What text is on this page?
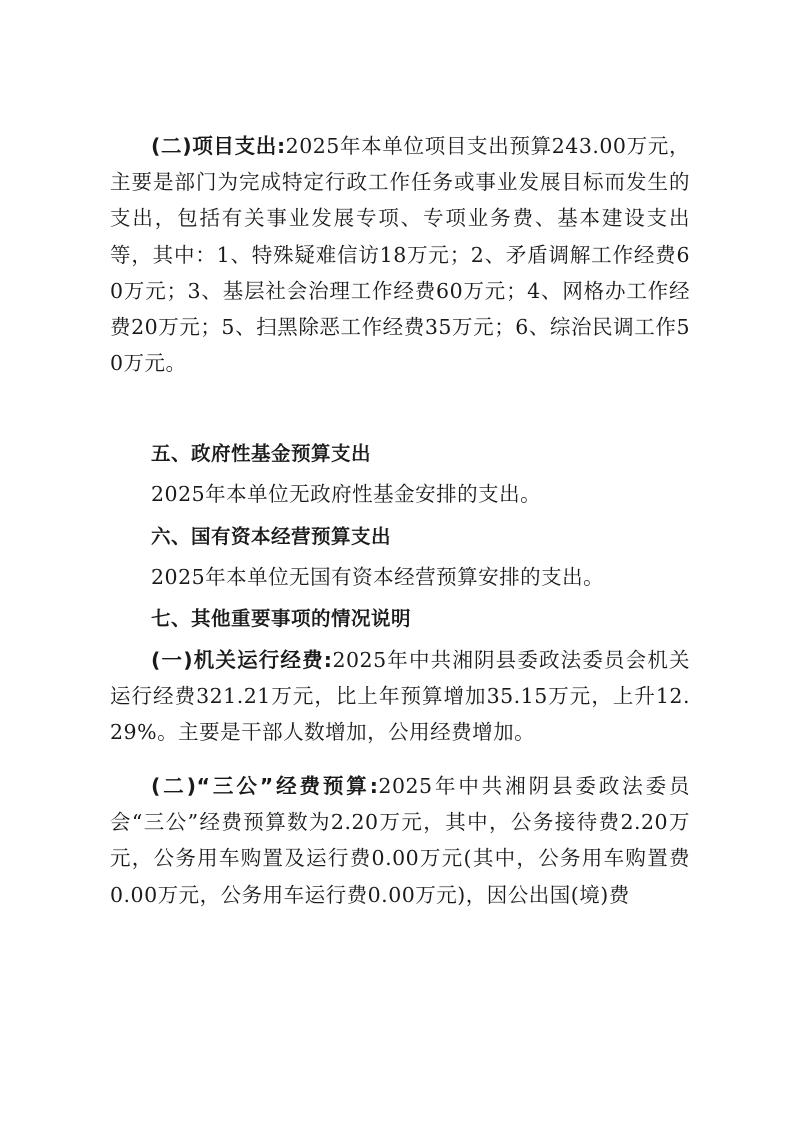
(二)项目支出:2025年本单位项目支出预算243.00万元，主要是部门为完成特定行政工作任务或事业发展目标而发生的支出，包括有关事业发展专项、专项业务费、基本建设支出等，其中：1、特殊疑难信访18万元；2、矛盾调解工作经费60万元；3、基层社会治理工作经费60万元；4、网格办工作经费20万元；5、扫黑除恶工作经费35万元；6、综治民调工作50万元。

五、政府性基金预算支出
2025年本单位无政府性基金安排的支出。
六、国有资本经营预算支出
2025年本单位无国有资本经营预算安排的支出。
七、其他重要事项的情况说明

(一)机关运行经费:2025年中共湘阴县委政法委员会机关运行经费321.21万元，比上年预算增加35.15万元，上升12.29%。主要是干部人数增加，公用经费增加。

(二)“三公”经费预算:2025年中共湘阴县委政法委员会“三公”经费预算数为2.20万元，其中，公务接待费2.20万元，公务用车购置及运行费0.00万元(其中，公务用车购置费0.00万元，公务用车运行费0.00万元)，因公出国(境)费
